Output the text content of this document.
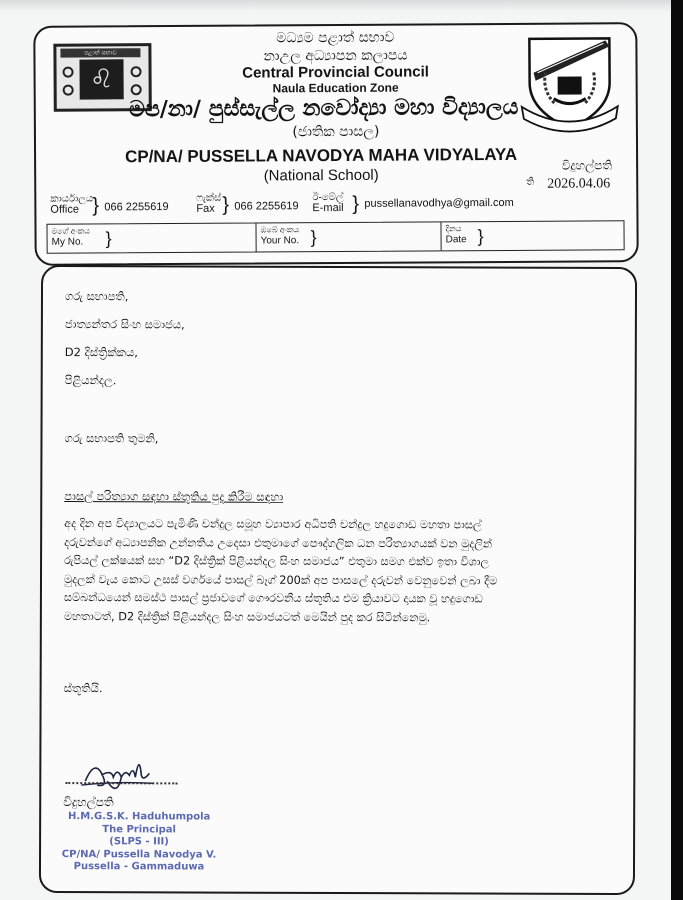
පළාත් සභාව
♌
මධ්‍යම පළාත් සභාව
නාඋල අධ්‍යාපන කලාපය
Central Provincial Council
Naula Education Zone
මප/නා/ පුස්සැල්ල නවෝද්‍යා මහා විද්‍යාලය
(ජාතික පාසල)
CP/NA/ PUSSELLA NAVODYA MAHA VIDYALAYA
(National School)
විදුහල්පති
ති 2026.04.06
කාර්යාලය
Office } 066 2255619
ෆැක්ස්
Fax } 066 2255619
ඊ-මේල්
E-mail } pussellanavodhya@gmail.com
මගේ අංකය
My No.	}	ඔබේ අංකය
Your No. }	දිනය
Date }
ගරු සභාපති,
ජාත්‍යන්තර සිංහ සමාජය,
D2 දිස්ත්‍රික්කය,
පිළියන්දල.
ගරු සභාපති තුමනි,
පාසල් පරිත්‍යාග සඳහා ස්තූතිය පුද කිරීම සඳහා
අද දින අප විද්‍යාලයට පැමිණි චන්දුල සමූහ ව්‍යාපාර අධිපති චන්දුල හදුගොඩ මහතා පාසල්
දරුවන්ගේ අධ්‍යාපනික උන්නතිය උදෙසා එතුමාගේ පෞද්ගලික ධන පරිත්‍යාගයක් වන මුදලින්
රුපියල් ලක්ෂයක් සහ “D2 දිස්ත්‍රික් පිළියන්දල සිංහ සමාජය” එතුමා සමග එක්ව ඉතා විශාල
මුදලක් වැය කොට උසස් වර්ගයේ පාසල් බෑග් 200ක් අප පාසලේ දරුවන් වෙනුවෙන් ලබා දීම
සම්බන්ධයෙන් සමස්ථ පාසල් ප්‍රජාවගේ ගෞරවනීය ස්තූතිය එම ක්‍රියාවට දායක වූ හදුගොඩ
මහතාටත්, D2 දිස්ත්‍රික් පිළියන්දල සිංහ සමාජයටත් මෙයින් පුද කර සිටින්නෙමු.
ස්තූතියි.
විදුහල්පති
H.M.G.S.K. Haduhumpola
The Principal
(SLPS - III)
CP/NA/ Pussella Navodya V.
Pussella - Gammaduwa
